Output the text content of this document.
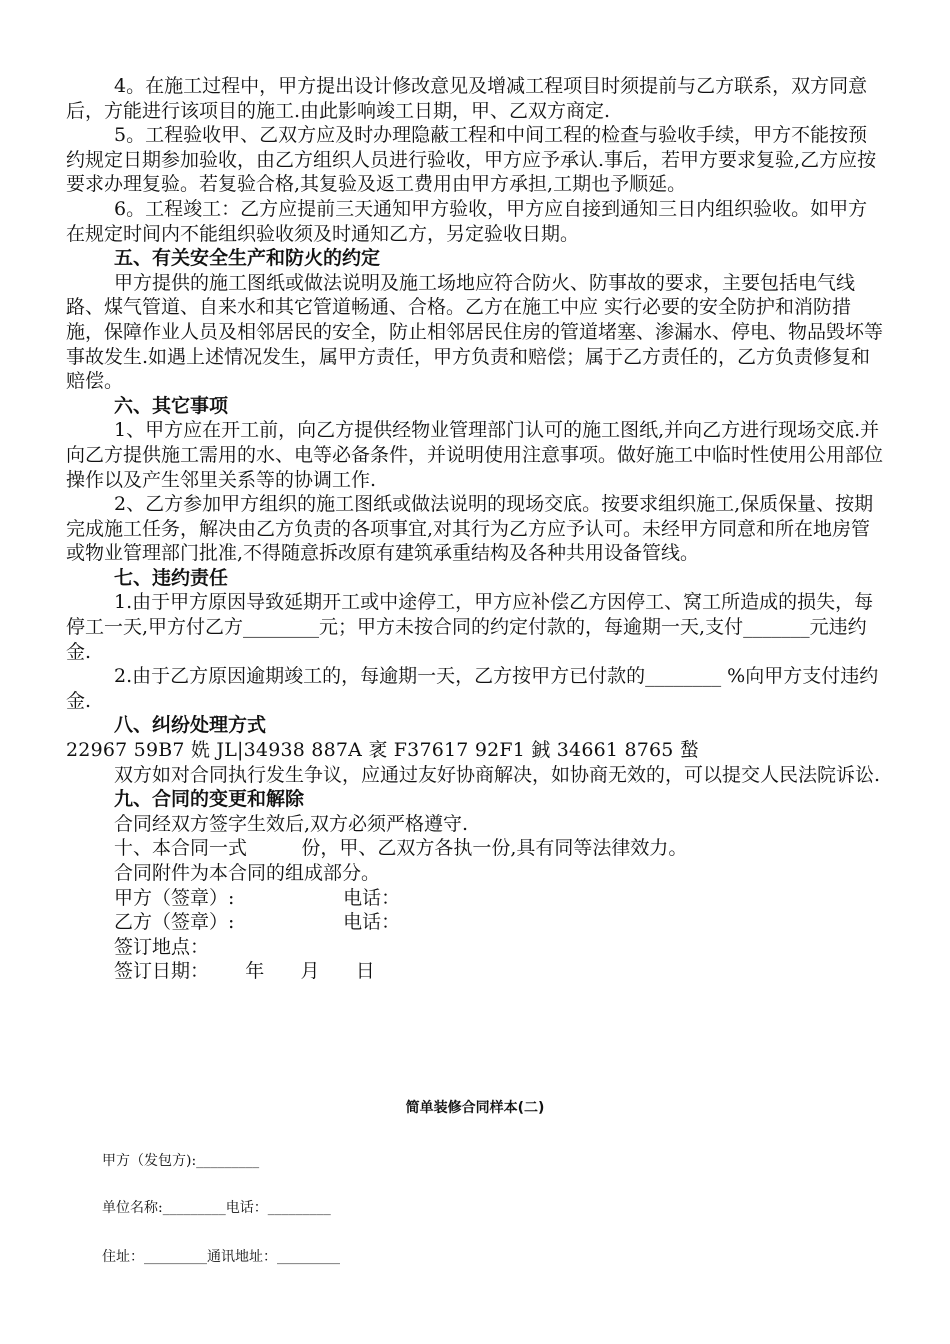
4。在施工过程中，甲方提出设计修改意见及增减工程项目时须提前与乙方联系，双方同意后，方能进行该项目的施工.由此影响竣工日期，甲、乙双方商定.

5。工程验收甲、乙双方应及时办理隐蔽工程和中间工程的检查与验收手续，甲方不能按预约规定日期参加验收，由乙方组织人员进行验收，甲方应予承认.事后，若甲方要求复验,乙方应按要求办理复验。若复验合格,其复验及返工费用由甲方承担,工期也予顺延。

6。工程竣工：乙方应提前三天通知甲方验收，甲方应自接到通知三日内组织验收。如甲方在规定时间内不能组织验收须及时通知乙方，另定验收日期。

五、有关安全生产和防火的约定

甲方提供的施工图纸或做法说明及施工场地应符合防火、防事故的要求，主要包括电气线路、煤气管道、自来水和其它管道畅通、合格。乙方在施工中应 实行必要的安全防护和消防措施，保障作业人员及相邻居民的安全，防止相邻居民住房的管道堵塞、渗漏水、停电、物品毁坏等事故发生.如遇上述情况发生，属甲方责任，甲方负责和赔偿；属于乙方责任的，乙方负责修复和赔偿。

六、其它事项

1、甲方应在开工前，向乙方提供经物业管理部门认可的施工图纸,并向乙方进行现场交底.并向乙方提供施工需用的水、电等必备条件，并说明使用注意事项。做好施工中临时性使用公用部位操作以及产生邻里关系等的协调工作.

2、乙方参加甲方组织的施工图纸或做法说明的现场交底。按要求组织施工,保质保量、按期完成施工任务，解决由乙方负责的各项事宜,对其行为乙方应予认可。未经甲方同意和所在地房管或物业管理部门批准,不得随意拆改原有建筑承重结构及各种共用设备管线。

七、违约责任

1.由于甲方原因导致延期开工或中途停工，甲方应补偿乙方因停工、窝工所造成的损失，每停工一天,甲方付乙方________元；甲方未按合同的约定付款的，每逾期一天,支付_______元违约金.

2.由于乙方原因逾期竣工的，每逾期一天，乙方按甲方已付款的________ %向甲方支付违约金.

八、纠纷处理方式

22967 59B7 姺 JL|34938 887A 衺 F37617 92F1 銊 34661 8765 蝵

双方如对合同执行发生争议，应通过友好协商解决，如协商无效的，可以提交人民法院诉讼.

九、合同的变更和解除

合同经双方签字生效后,双方必须严格遵守.

十、本合同一式         份，甲、乙双方各执一份,具有同等法律效力。

合同附件为本合同的组成部分。

甲方（签章）:                  电话：

乙方（签章）:                  电话：

签订地点：

签订日期：      年      月      日

简单装修合同样本(二)
甲方（发包方):_________
单位名称:_________电话：_________
住址：_________通讯地址：_________
